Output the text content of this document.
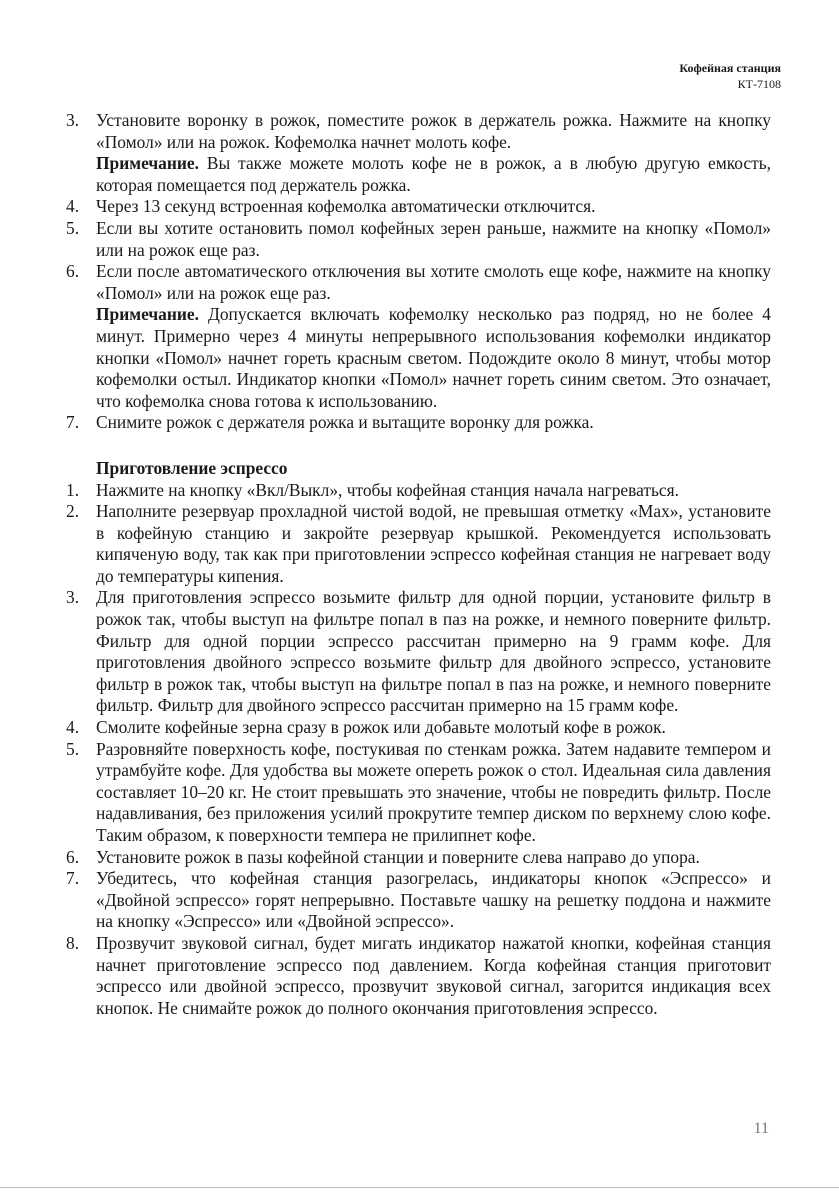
Кофейная станция
КТ-7108
3. Установите воронку в рожок, поместите рожок в держатель рожка. Нажмите на кнопку «Помол» или на рожок. Кофемолка начнет молоть кофе.
Примечание. Вы также можете молоть кофе не в рожок, а в любую другую емкость, которая помещается под держатель рожка.
4. Через 13 секунд встроенная кофемолка автоматически отключится.
5. Если вы хотите остановить помол кофейных зерен раньше, нажмите на кнопку «Помол» или на рожок еще раз.
6. Если после автоматического отключения вы хотите смолоть еще кофе, нажмите на кнопку «Помол» или на рожок еще раз.
Примечание. Допускается включать кофемолку несколько раз подряд, но не более 4 минут. Примерно через 4 минуты непрерывного использования кофемолки индикатор кнопки «Помол» начнет гореть красным светом. Подождите около 8 минут, чтобы мотор кофемолки остыл. Индикатор кнопки «Помол» начнет гореть синим светом. Это означает, что кофемолка снова готова к использованию.
7. Снимите рожок с держателя рожка и вытащите воронку для рожка.
Приготовление эспрессо
1. Нажмите на кнопку «Вкл/Выкл», чтобы кофейная станция начала нагреваться.
2. Наполните резервуар прохладной чистой водой, не превышая отметку «Max», установите в кофейную станцию и закройте резервуар крышкой. Рекомендуется использовать кипяченую воду, так как при приготовлении эспрессо кофейная станция не нагревает воду до температуры кипения.
3. Для приготовления эспрессо возьмите фильтр для одной порции, установите фильтр в рожок так, чтобы выступ на фильтре попал в паз на рожке, и немного поверните фильтр. Фильтр для одной порции эспрессо рассчитан примерно на 9 грамм кофе. Для приготовления двойного эспрессо возьмите фильтр для двойного эспрессо, установите фильтр в рожок так, чтобы выступ на фильтре попал в паз на рожке, и немного поверните фильтр. Фильтр для двойного эспрессо рассчитан примерно на 15 грамм кофе.
4. Смолите кофейные зерна сразу в рожок или добавьте молотый кофе в рожок.
5. Разровняйте поверхность кофе, постукивая по стенкам рожка. Затем надавите темпером и утрамбуйте кофе. Для удобства вы можете опереть рожок о стол. Идеальная сила давления составляет 10–20 кг. Не стоит превышать это значение, чтобы не повредить фильтр. После надавливания, без приложения усилий прокрутите темпер диском по верхнему слою кофе. Таким образом, к поверхности темпера не прилипнет кофе.
6. Установите рожок в пазы кофейной станции и поверните слева направо до упора.
7. Убедитесь, что кофейная станция разогрелась, индикаторы кнопок «Эспрессо» и «Двойной эспрессо» горят непрерывно. Поставьте чашку на решетку поддона и нажмите на кнопку «Эспрессо» или «Двойной эспрессо».
8. Прозвучит звуковой сигнал, будет мигать индикатор нажатой кнопки, кофейная станция начнет приготовление эспрессо под давлением. Когда кофейная станция приготовит эспрессо или двойной эспрессо, прозвучит звуковой сигнал, загорится индикация всех кнопок. Не снимайте рожок до полного окончания приготовления эспрессо.
11
